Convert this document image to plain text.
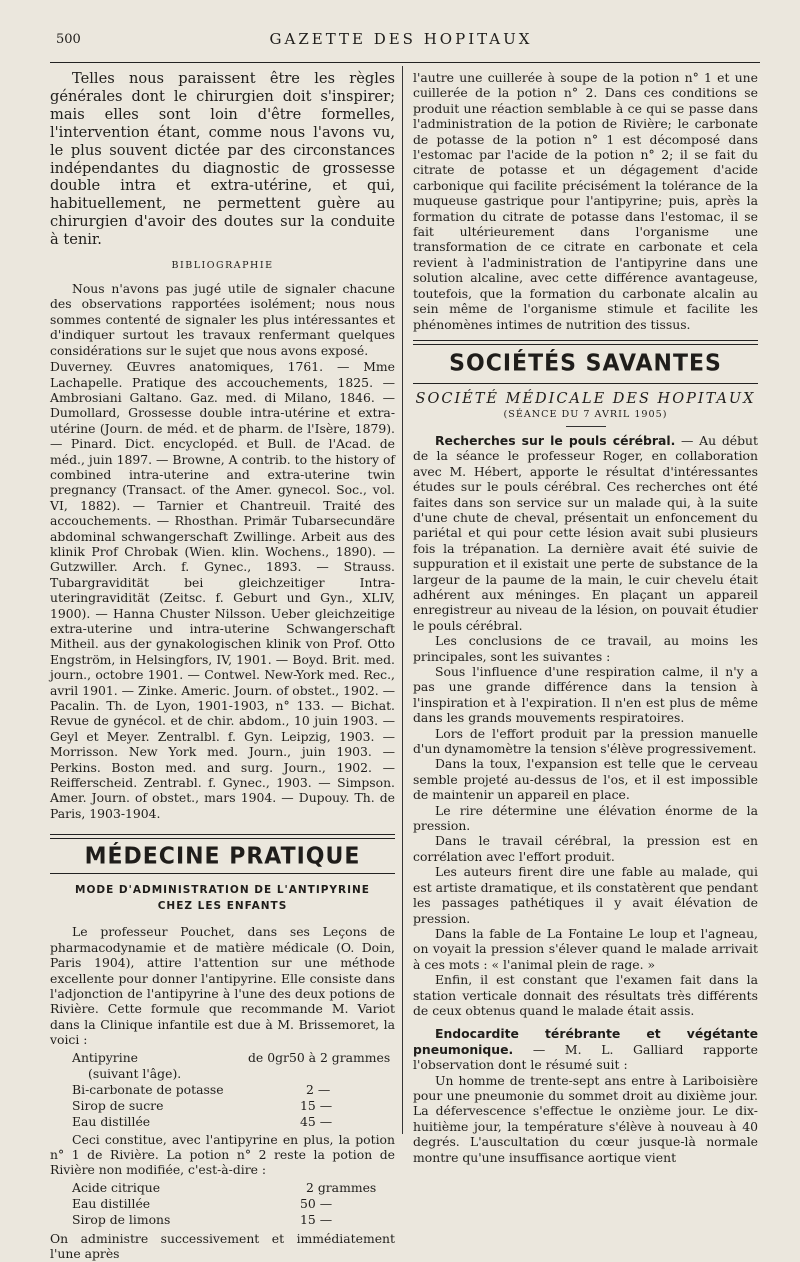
500	GAZETTE DES HOPITAUX

Telles nous paraissent être les règles générales dont le chirurgien doit s'inspirer; mais elles sont loin d'être formelles, l'intervention étant, comme nous l'avons vu, le plus souvent dictée par des circonstances indépendantes du diagnostic de grossesse double intra et extra-utérine, et qui, habituellement, ne permettent guère au chirurgien d'avoir des doutes sur la conduite à tenir.

BIBLIOGRAPHIE

Nous n'avons pas jugé utile de signaler chacune des observations rapportées isolément; nous nous sommes contenté de signaler les plus intéressantes et d'indiquer surtout les travaux renfermant quelques considérations sur le sujet que nous avons exposé.

Duverney. Œuvres anatomiques, 1761. — Mme Lachapelle. Pratique des accouchements, 1825. — Ambrosiani Galtano. Gaz. med. di Milano, 1846. — Dumollard, Grossesse double intra-utérine et extra-utérine (Journ. de méd. et de pharm. de l'Isère, 1879). — Pinard. Dict. encyclopéd. et Bull. de l'Acad. de méd., juin 1897. — Browne, A contrib. to the history of combined intra-uterine and extra-uterine twin pregnancy (Transact. of the Amer. gynecol. Soc., vol. VI, 1882). — Tarnier et Chantreuil. Traité des accouchements. — Rhosthan. Primär Tubarsecundäre abdominal schwangerschaft Zwillinge. Arbeit aus des klinik Prof Chrobak (Wien. klin. Wochens., 1890). — Gutzwiller. Arch. f. Gynec., 1893. — Strauss. Tubargravidität bei gleichzeitiger Intra-uteringravidität (Zeitsc. f. Geburt und Gyn., XLIV, 1900). — Hanna Chuster Nilsson. Ueber gleichzeitige extra-uterine und intra-uterine Schwangerschaft Mitheil. aus der gynakologischen klinik von Prof. Otto Engström, in Helsingfors, IV, 1901. — Boyd. Brit. med. journ., octobre 1901. — Contwel. New-York med. Rec., avril 1901. — Zinke. Americ. Journ. of obstet., 1902. — Pacalin. Th. de Lyon, 1901-1903, n° 133. — Bichat. Revue de gynécol. et de chir. abdom., 10 juin 1903. — Geyl et Meyer. Zentralbl. f. Gyn. Leipzig, 1903. — Morrisson. New York med. Journ., juin 1903. — Perkins. Boston med. and surg. Journ., 1902. — Reifferscheid. Zentrabl. f. Gynec., 1903. — Simpson. Amer. Journ. of obstet., mars 1904. — Dupouy. Th. de Paris, 1903-1904.

MÉDECINE PRATIQUE
MODE D'ADMINISTRATION DE L'ANTIPYRINE
CHEZ LES ENFANTS

Le professeur Pouchet, dans ses Leçons de pharmacodynamie et de matière médicale (O. Doin, Paris 1904), attire l'attention sur une méthode excellente pour donner l'antipyrine. Elle consiste dans l'adjonction de l'antipyrine à l'une des deux potions de Rivière. Cette formule que recommande M. Variot dans la Clinique infantile est due à M. Brissemoret, la voici :

Antipyrine	de 0gr50 à 2 grammes
(suivant l'âge).
Bi-carbonate de potasse	2 —
Sirop de sucre	15 —
Eau distillée	45 —

Ceci constitue, avec l'antipyrine en plus, la potion n° 1 de Rivière. La potion n° 2 reste la potion de Rivière non modifiée, c'est-à-dire :

Acide citrique	2 grammes
Eau distillée	50 —
Sirop de limons	15 —

On administre successivement et immédiatement l'une après

l'autre une cuillerée à soupe de la potion n° 1 et une cuillerée de la potion n° 2. Dans ces conditions se produit une réaction semblable à ce qui se passe dans l'administration de la potion de Rivière; le carbonate de potasse de la potion n° 1 est décomposé dans l'estomac par l'acide de la potion n° 2; il se fait du citrate de potasse et un dégagement d'acide carbonique qui facilite précisément la tolérance de la muqueuse gastrique pour l'antipyrine; puis, après la formation du citrate de potasse dans l'estomac, il se fait ultérieurement dans l'organisme une transformation de ce citrate en carbonate et cela revient à l'administration de l'antipyrine dans une solution alcaline, avec cette différence avantageuse, toutefois, que la formation du carbonate alcalin au sein même de l'organisme stimule et facilite les phénomènes intimes de nutrition des tissus.

SOCIÉTÉS SAVANTES
SOCIÉTÉ MÉDICALE DES HOPITAUX
(SÉANCE DU 7 AVRIL 1905)

Recherches sur le pouls cérébral. — Au début de la séance le professeur Roger, en collaboration avec M. Hébert, apporte le résultat d'intéressantes études sur le pouls cérébral. Ces recherches ont été faites dans son service sur un malade qui, à la suite d'une chute de cheval, présentait un enfoncement du pariétal et qui pour cette lésion avait subi plusieurs fois la trépanation. La dernière avait été suivie de suppuration et il existait une perte de substance de la largeur de la paume de la main, le cuir chevelu était adhérent aux méninges. En plaçant un appareil enregistreur au niveau de la lésion, on pouvait étudier le pouls cérébral.

Les conclusions de ce travail, au moins les principales, sont les suivantes :

Sous l'influence d'une respiration calme, il n'y a pas une grande différence dans la tension à l'inspiration et à l'expiration. Il n'en est plus de même dans les grands mouvements respiratoires.

Lors de l'effort produit par la pression manuelle d'un dynamomètre la tension s'élève progressivement.

Dans la toux, l'expansion est telle que le cerveau semble projeté au-dessus de l'os, et il est impossible de maintenir un appareil en place.

Le rire détermine une élévation énorme de la pression.

Dans le travail cérébral, la pression est en corrélation avec l'effort produit.

Les auteurs firent dire une fable au malade, qui est artiste dramatique, et ils constatèrent que pendant les passages pathétiques il y avait élévation de pression.

Dans la fable de La Fontaine Le loup et l'agneau, on voyait la pression s'élever quand le malade arrivait à ces mots : « l'animal plein de rage. »

Enfin, il est constant que l'examen fait dans la station verticale donnait des résultats très différents de ceux obtenus quand le malade était assis.

Endocardite térébrante et végétante pneumonique. — M. L. Galliard rapporte l'observation dont le résumé suit :

Un homme de trente-sept ans entre à Lariboisière pour une pneumonie du sommet droit au dixième jour. La défervescence s'effectue le onzième jour. Le dix-huitième jour, la température s'élève à nouveau à 40 degrés. L'auscultation du cœur jusque-là normale montre qu'une insuffisance aortique vient
